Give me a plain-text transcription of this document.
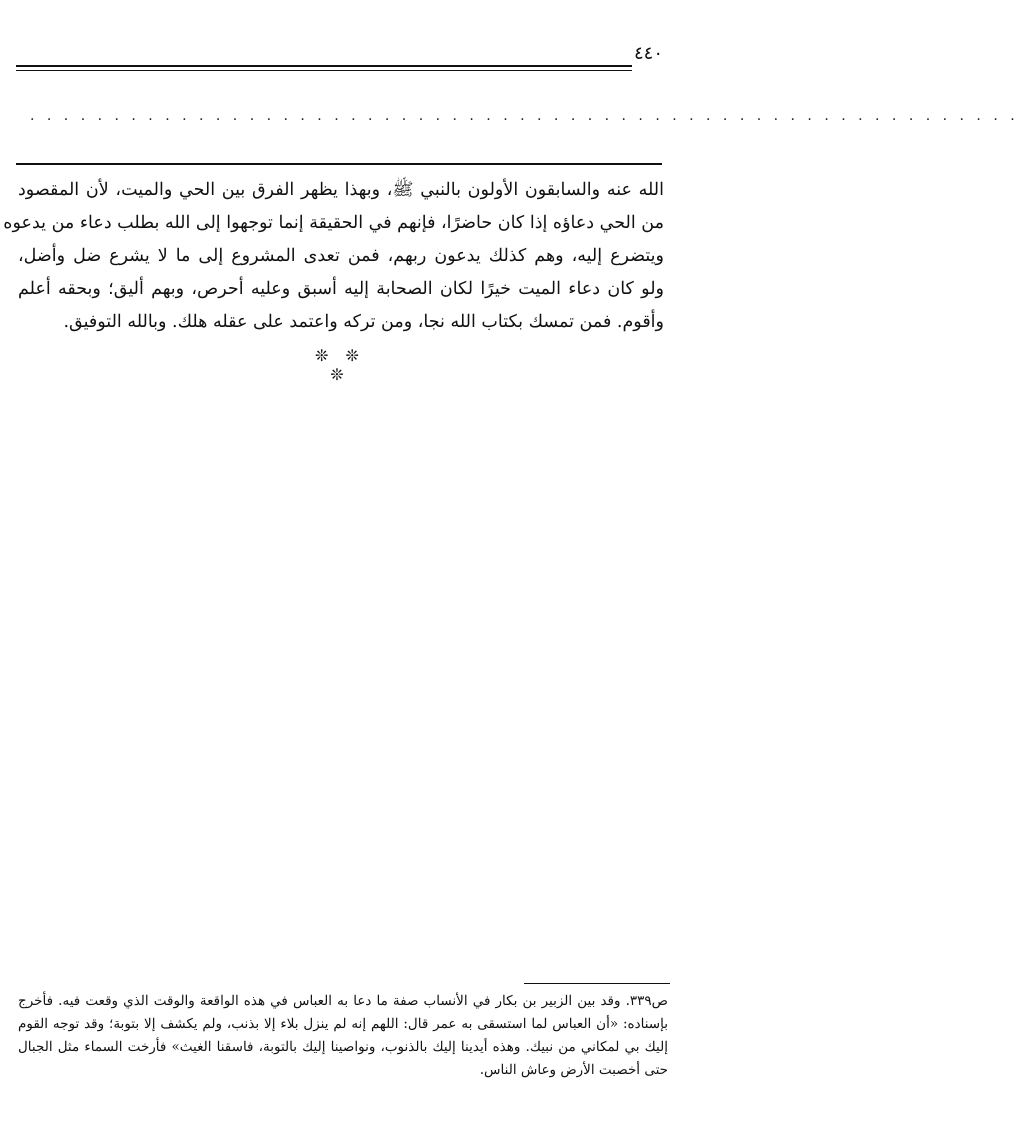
٤٤٠
. . . . . . . . . . . . . . . . . . . . . . . . . . . . . . . . . . . . . . . . . . . . . . . . . . . . . . . . . . .
الله عنه والسابقون الأولون بالنبي ﷺ، وبهذا يظهر الفرق بين الحي والميت، لأن المقصود
من الحي دعاؤه إذا كان حاضرًا، فإنهم في الحقيقة إنما توجهوا إلى الله بطلب دعاء من يدعوه
ويتضرع إليه، وهم كذلك يدعون ربهم، فمن تعدى المشروع إلى ما لا يشرع ضل وأضل،
ولو كان دعاء الميت خيرًا لكان الصحابة إليه أسبق وعليه أحرص، وبهم أليق؛ وبحقه أعلم
وأقوم. فمن تمسك بكتاب الله نجا، ومن تركه واعتمد على عقله هلك. وبالله التوفيق.
❊ ❊ ❊
ص٣٣٩. وقد بين الزبير بن بكار في الأنساب صفة ما دعا به العباس في هذه الواقعة والوقت الذي وقعت فيه. فأخرج
بإسناده: «أن العباس لما استسقى به عمر قال: اللهم إنه لم ينزل بلاء إلا بذنب، ولم يكشف إلا بتوبة؛ وقد توجه القوم
إليك بي لمكاني من نبيك. وهذه أيدينا إليك بالذنوب، ونواصينا إليك بالتوبة، فاسقنا الغيث» فأرخت السماء مثل الجبال
حتى أخصبت الأرض وعاش الناس.
